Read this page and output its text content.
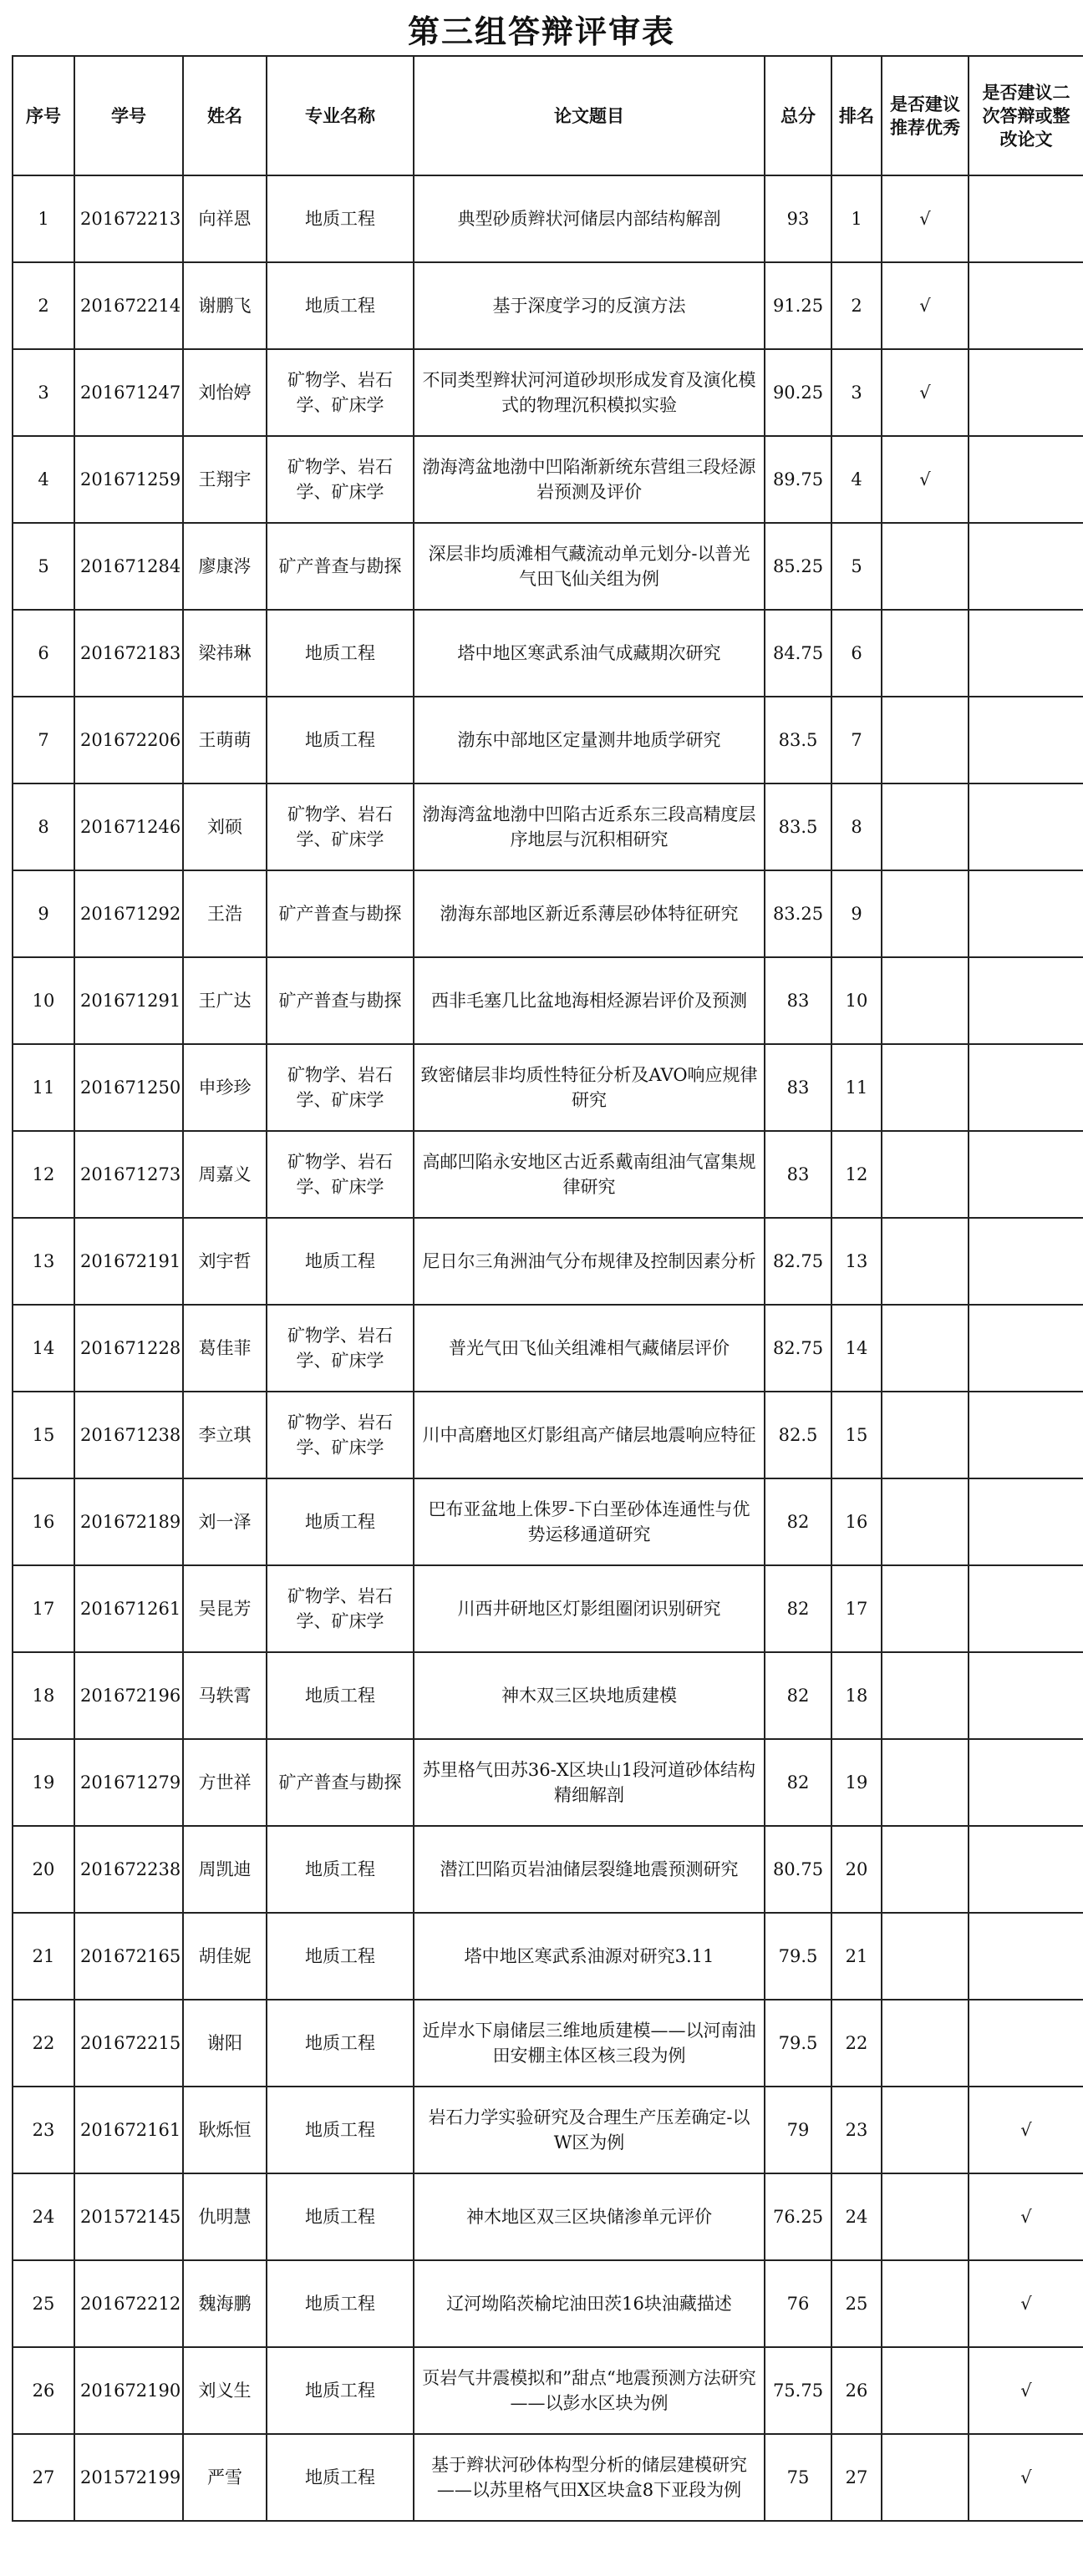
第三组答辩评审表
序号	学号	姓名	专业名称	论文题目	总分	排名	是否建议推荐优秀	是否建议二次答辩或整改论文
1	201672213	向祥恩	地质工程	典型砂质辫状河储层内部结构解剖	93	1	√	
2	201672214	谢鹏飞	地质工程	基于深度学习的反演方法	91.25	2	√	
3	201671247	刘怡婷	矿物学、岩石学、矿床学	不同类型辫状河河道砂坝形成发育及演化模式的物理沉积模拟实验	90.25	3	√	
4	201671259	王翔宇	矿物学、岩石学、矿床学	渤海湾盆地渤中凹陷渐新统东营组三段烃源岩预测及评价	89.75	4	√	
5	201671284	廖康涔	矿产普查与勘探	深层非均质滩相气藏流动单元划分-以普光气田飞仙关组为例	85.25	5		
6	201672183	梁祎琳	地质工程	塔中地区寒武系油气成藏期次研究	84.75	6		
7	201672206	王萌萌	地质工程	渤东中部地区定量测井地质学研究	83.5	7		
8	201671246	刘硕	矿物学、岩石学、矿床学	渤海湾盆地渤中凹陷古近系东三段高精度层序地层与沉积相研究	83.5	8		
9	201671292	王浩	矿产普查与勘探	渤海东部地区新近系薄层砂体特征研究	83.25	9		
10	201671291	王广达	矿产普查与勘探	西非毛塞几比盆地海相烃源岩评价及预测	83	10		
11	201671250	申珍珍	矿物学、岩石学、矿床学	致密储层非均质性特征分析及AVO响应规律研究	83	11		
12	201671273	周嘉义	矿物学、岩石学、矿床学	高邮凹陷永安地区古近系戴南组油气富集规律研究	83	12		
13	201672191	刘宇哲	地质工程	尼日尔三角洲油气分布规律及控制因素分析	82.75	13		
14	201671228	葛佳菲	矿物学、岩石学、矿床学	普光气田飞仙关组滩相气藏储层评价	82.75	14		
15	201671238	李立琪	矿物学、岩石学、矿床学	川中高磨地区灯影组高产储层地震响应特征	82.5	15		
16	201672189	刘一泽	地质工程	巴布亚盆地上侏罗-下白垩砂体连通性与优势运移通道研究	82	16		
17	201671261	吴昆芳	矿物学、岩石学、矿床学	川西井研地区灯影组圈闭识别研究	82	17		
18	201672196	马轶霄	地质工程	神木双三区块地质建模	82	18		
19	201671279	方世祥	矿产普查与勘探	苏里格气田苏36-X区块山1段河道砂体结构精细解剖	82	19		
20	201672238	周凯迪	地质工程	潜江凹陷页岩油储层裂缝地震预测研究	80.75	20		
21	201672165	胡佳妮	地质工程	塔中地区寒武系油源对研究3.11	79.5	21		
22	201672215	谢阳	地质工程	近岸水下扇储层三维地质建模——以河南油田安棚主体区核三段为例	79.5	22		
23	201672161	耿烁恒	地质工程	岩石力学实验研究及合理生产压差确定-以W区为例	79	23		√
24	201572145	仇明慧	地质工程	神木地区双三区块储渗单元评价	76.25	24		√
25	201672212	魏海鹏	地质工程	辽河坳陷茨榆坨油田茨16块油藏描述	76	25		√
26	201672190	刘义生	地质工程	页岩气井震模拟和”甜点“地震预测方法研究——以彭水区块为例	75.75	26		√
27	201572199	严雪	地质工程	基于辫状河砂体构型分析的储层建模研究——以苏里格气田X区块盒8下亚段为例	75	27		√
